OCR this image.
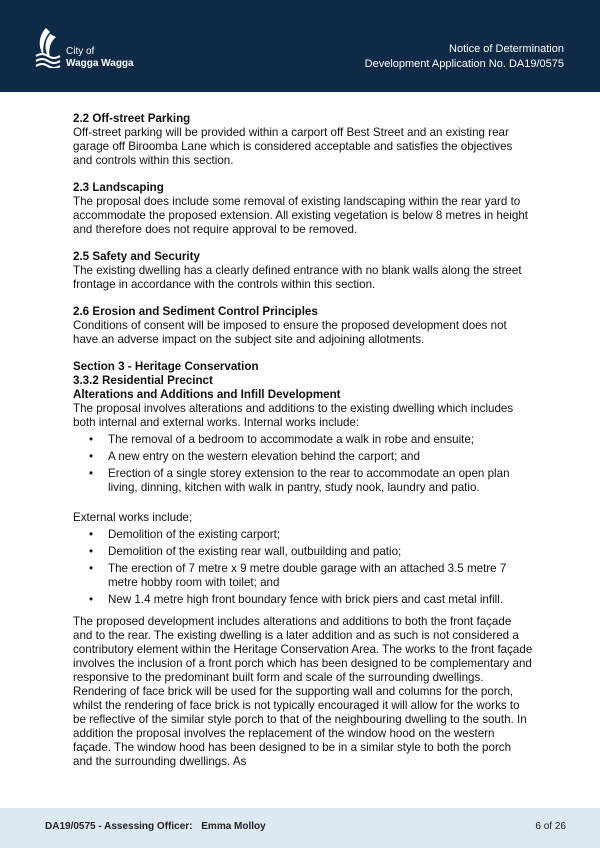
City of
Wagga Wagga
Notice of Determination
Development Application No. DA19/0575
2.2 Off-street Parking

Off-street parking will be provided within a carport off Best Street and an existing rear garage off Biroomba Lane which is considered acceptable and satisfies the objectives and controls within this section.

2.3 Landscaping

The proposal does include some removal of existing landscaping within the rear yard to accommodate the proposed extension. All existing vegetation is below 8 metres in height and therefore does not require approval to be removed.

2.5 Safety and Security

The existing dwelling has a clearly defined entrance with no blank walls along the street frontage in accordance with the controls within this section.

2.6 Erosion and Sediment Control Principles

Conditions of consent will be imposed to ensure the proposed development does not have an adverse impact on the subject site and adjoining allotments.

Section 3 - Heritage Conservation
3.3.2 Residential Precinct
Alterations and Additions and Infill Development

The proposal involves alterations and additions to the existing dwelling which includes both internal and external works. Internal works include:

• The removal of a bedroom to accommodate a walk in robe and ensuite;
• A new entry on the western elevation behind the carport; and
• Erection of a single storey extension to the rear to accommodate an open plan living, dinning, kitchen with walk in pantry, study nook, laundry and patio.

External works include;

• Demolition of the existing carport;
• Demolition of the existing rear wall, outbuilding and patio;
• The erection of 7 metre x 9 metre double garage with an attached 3.5 metre 7 metre hobby room with toilet; and
• New 1.4 metre high front boundary fence with brick piers and cast metal infill.

The proposed development includes alterations and additions to both the front façade and to the rear. The existing dwelling is a later addition and as such is not considered a contributory element within the Heritage Conservation Area. The works to the front façade involves the inclusion of a front porch which has been designed to be complementary and responsive to the predominant built form and scale of the surrounding dwellings. Rendering of face brick will be used for the supporting wall and columns for the porch, whilst the rendering of face brick is not typically encouraged it will allow for the works to be reflective of the similar style porch to that of the neighbouring dwelling to the south. In addition the proposal involves the replacement of the window hood on the western façade. The window hood has been designed to be in a similar style to both the porch and the surrounding dwellings. As

DA19/0575 - Assessing Officer: Emma Molloy	6 of 26
